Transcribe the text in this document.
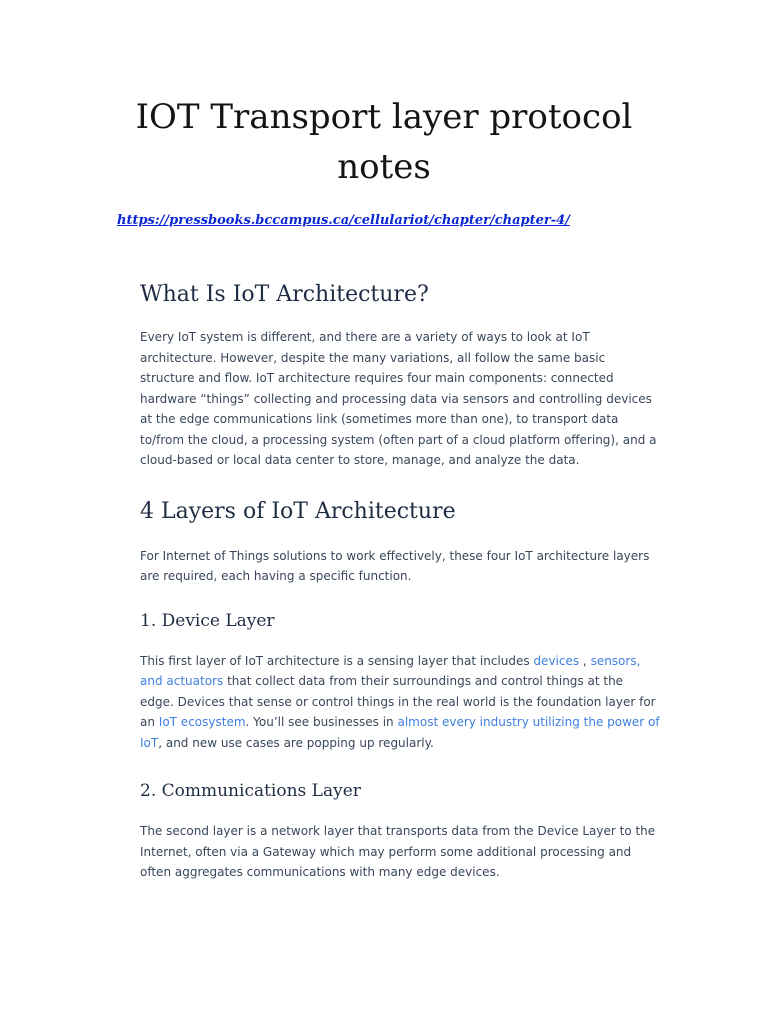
IOT Transport layer protocol notes
https://pressbooks.bccampus.ca/cellulariot/chapter/chapter-4/
What Is IoT Architecture?

Every IoT system is different, and there are a variety of ways to look at IoT architecture. However, despite the many variations, all follow the same basic structure and flow. IoT architecture requires four main components: connected hardware “things” collecting and processing data via sensors and controlling devices at the edge communications link (sometimes more than one), to transport data to/from the cloud, a processing system (often part of a cloud platform offering), and a cloud-based or local data center to store, manage, and analyze the data.

4 Layers of IoT Architecture

For Internet of Things solutions to work effectively, these four IoT architecture layers are required, each having a specific function.

1. Device Layer

This first layer of IoT architecture is a sensing layer that includes devices , sensors, and actuators that collect data from their surroundings and control things at the edge. Devices that sense or control things in the real world is the foundation layer for an IoT ecosystem. You’ll see businesses in almost every industry utilizing the power of IoT, and new use cases are popping up regularly.

2. Communications Layer

The second layer is a network layer that transports data from the Device Layer to the Internet, often via a Gateway which may perform some additional processing and often aggregates communications with many edge devices.
